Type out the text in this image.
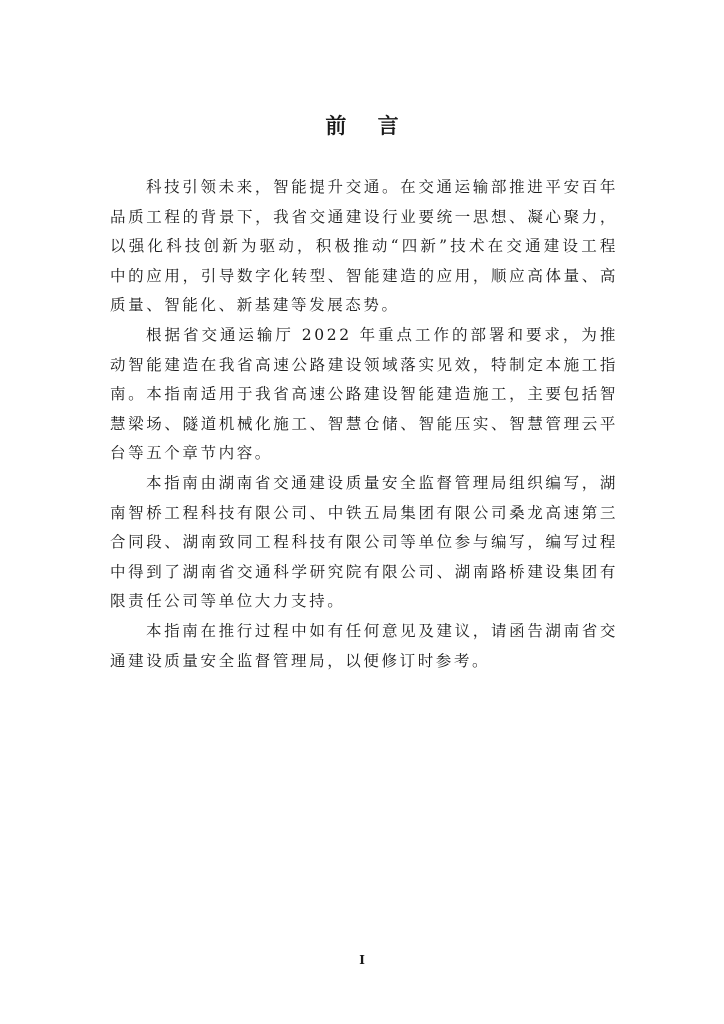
前 言

科技引领未来，智能提升交通。在交通运输部推进平安百年品质工程的背景下，我省交通建设行业要统一思想、凝心聚力，以强化科技创新为驱动，积极推动“四新”技术在交通建设工程中的应用，引导数字化转型、智能建造的应用，顺应高体量、高质量、智能化、新基建等发展态势。

根据省交通运输厅 2022 年重点工作的部署和要求，为推动智能建造在我省高速公路建设领域落实见效，特制定本施工指南。本指南适用于我省高速公路建设智能建造施工，主要包括智慧梁场、隧道机械化施工、智慧仓储、智能压实、智慧管理云平台等五个章节内容。

本指南由湖南省交通建设质量安全监督管理局组织编写，湖南智桥工程科技有限公司、中铁五局集团有限公司桑龙高速第三合同段、湖南致同工程科技有限公司等单位参与编写，编写过程中得到了湖南省交通科学研究院有限公司、湖南路桥建设集团有限责任公司等单位大力支持。

本指南在推行过程中如有任何意见及建议，请函告湖南省交通建设质量安全监督管理局，以便修订时参考。

I
